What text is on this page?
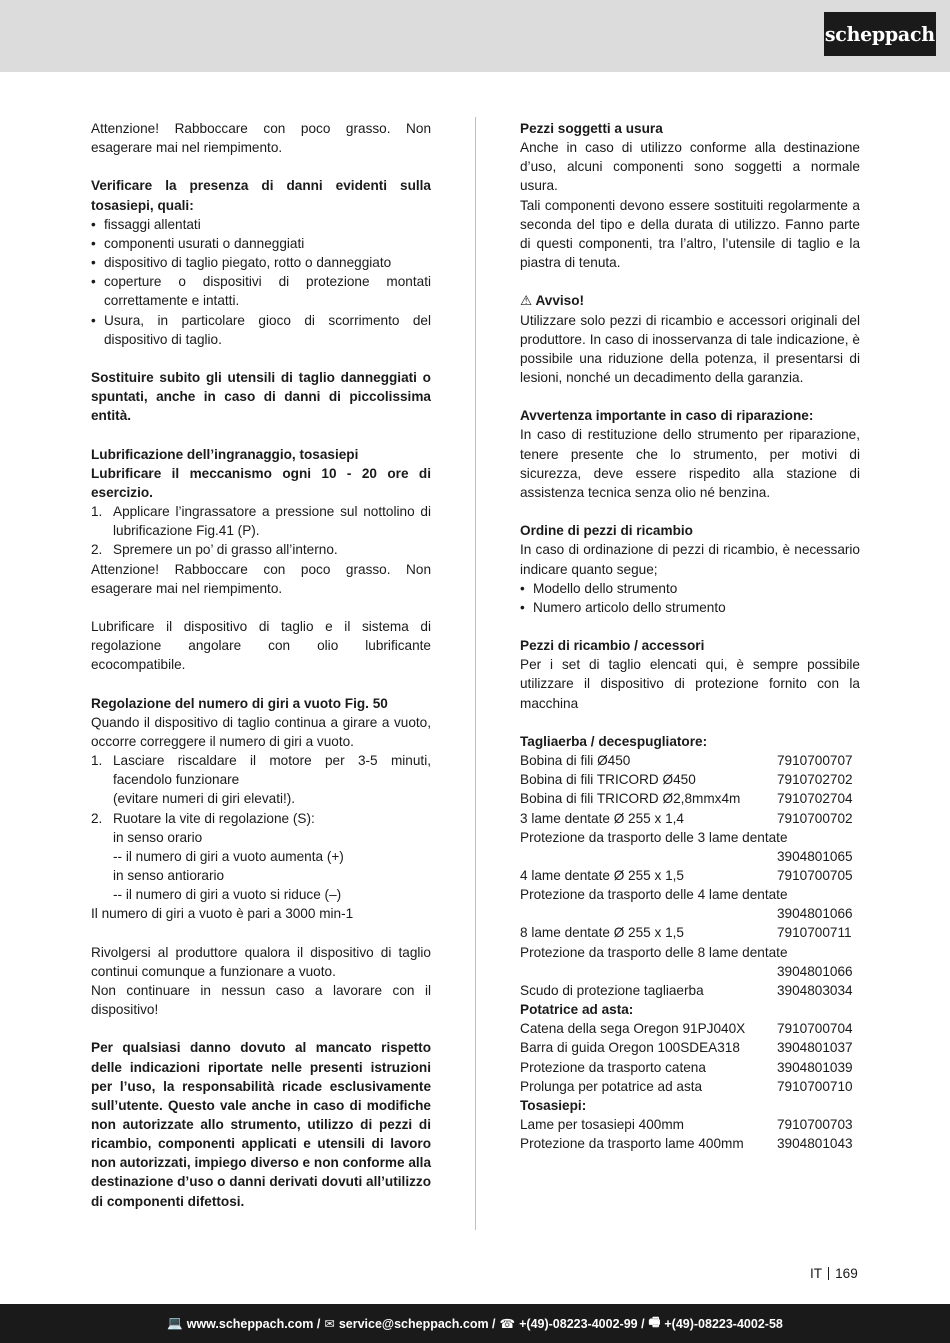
scheppach
Attenzione! Rabboccare con poco grasso. Non esagerare mai nel riempimento.
Verificare la presenza di danni evidenti sulla tosasiepi, quali:
• fissaggi allentati
• componenti usurati o danneggiati
• dispositivo di taglio piegato, rotto o danneggiato
• coperture o dispositivi di protezione montati correttamente e intatti.
• Usura, in particolare gioco di scorrimento del dispositivo di taglio.
Sostituire subito gli utensili di taglio danneggiati o spuntati, anche in caso di danni di piccolissima entità.
Lubrificazione dell’ingranaggio, tosasiepi
Lubrificare il meccanismo ogni 10 - 20 ore di esercizio.
1. Applicare l’ingrassatore a pressione sul nottolino di lubrificazione Fig.41 (P).
2. Spremere un po’ di grasso all’interno.
Attenzione! Rabboccare con poco grasso. Non esagerare mai nel riempimento.
Lubrificare il dispositivo di taglio e il sistema di regolazione angolare con olio lubrificante ecocompatibile.
Regolazione del numero di giri a vuoto Fig. 50
Quando il dispositivo di taglio continua a girare a vuoto, occorre correggere il numero di giri a vuoto.
1. Lasciare riscaldare il motore per 3-5 minuti, facendolo funzionare
(evitare numeri di giri elevati!).
2. Ruotare la vite di regolazione (S):
in senso orario
-- il numero di giri a vuoto aumenta (+)
in senso antiorario
-- il numero di giri a vuoto si riduce (–)
Il numero di giri a vuoto è pari a 3000 min-1
Rivolgersi al produttore qualora il dispositivo di taglio continui comunque a funzionare a vuoto.
Non continuare in nessun caso a lavorare con il dispositivo!
Per qualsiasi danno dovuto al mancato rispetto delle indicazioni riportate nelle presenti istruzioni per l’uso, la responsabilità ricade esclusivamente sull’utente. Questo vale anche in caso di modifiche non autorizzate allo strumento, utilizzo di pezzi di ricambio, componenti applicati e utensili di lavoro non autorizzati, impiego diverso e non conforme alla destinazione d’uso o danni derivati dovuti all’utilizzo di componenti difettosi.
Pezzi soggetti a usura
Anche in caso di utilizzo conforme alla destinazione d’uso, alcuni componenti sono soggetti a normale usura.
Tali componenti devono essere sostituiti regolarmente a seconda del tipo e della durata di utilizzo. Fanno parte di questi componenti, tra l’altro, l’utensile di taglio e la piastra di tenuta.
⚠ Avviso!
Utilizzare solo pezzi di ricambio e accessori originali del produttore. In caso di inosservanza di tale indicazione, è possibile una riduzione della potenza, il presentarsi di lesioni, nonché un decadimento della garanzia.
Avvertenza importante in caso di riparazione:
In caso di restituzione dello strumento per riparazione, tenere presente che lo strumento, per motivi di sicurezza, deve essere rispedito alla stazione di assistenza tecnica senza olio né benzina.
Ordine di pezzi di ricambio
In caso di ordinazione di pezzi di ricambio, è necessario indicare quanto segue;
• Modello dello strumento
• Numero articolo dello strumento
Pezzi di ricambio / accessori
Per i set di taglio elencati qui, è sempre possibile utilizzare il dispositivo di protezione fornito con la macchina
Tagliaerba / decespugliatore:
Bobina di fili Ø450	7910700707
Bobina di fili TRICORD Ø450	7910702702
Bobina di fili TRICORD Ø2,8mmx4m	7910702704
3 lame dentate Ø 255 x 1,4	7910700702
Protezione da trasporto delle 3 lame dentate
3904801065
4 lame dentate Ø 255 x 1,5	7910700705
Protezione da trasporto delle 4 lame dentate
3904801066
8 lame dentate Ø 255 x 1,5	7910700711
Protezione da trasporto delle 8 lame dentate
3904801066
Scudo di protezione tagliaerba	3904803034
Potatrice ad asta:
Catena della sega Oregon 91PJ040X 7910700704
Barra di guida Oregon 100SDEA318	3904801037
Protezione da trasporto catena	3904801039
Prolunga per potatrice ad asta	7910700710
Tosasiepi:
Lame per tosasiepi 400mm	7910700703
Protezione da trasporto lame 400mm 3904801043
IT 169
💻 www.scheppach.com / ✉ service@scheppach.com / ☎ +(49)-08223-4002-99 / 🖷 +(49)-08223-4002-58
